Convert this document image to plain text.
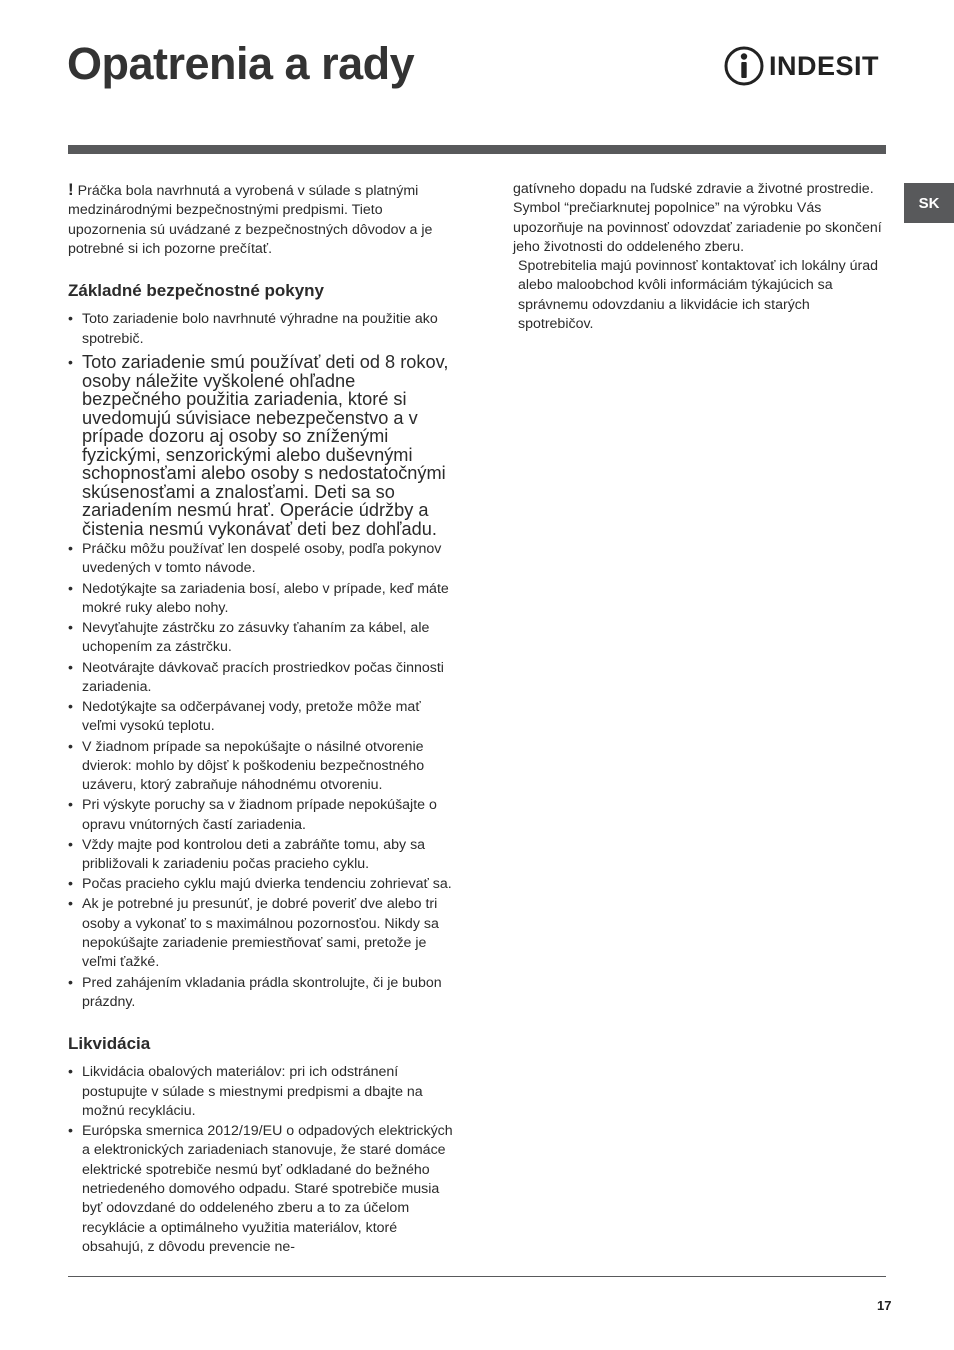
Opatrenia a rady	INDESIT
SK

! Práčka bola navrhnutá a vyrobená v súlade s platnými medzinárodnými bezpečnostnými predpismi. Tieto upozornenia sú uvádzané z bezpečnostných dôvodov a je potrebné si ich pozorne prečítať.

Základné bezpečnostné pokyny
• Toto zariadenie bolo navrhnuté výhradne na použitie ako spotrebič.
• Toto zariadenie smú používať deti od 8 rokov, osoby náležite vyškolené ohľadne bezpečného použitia zariadenia, ktoré si uvedomujú súvisiace nebezpečenstvo a v prípade dozoru aj osoby so zníženými fyzickými, senzorickými alebo duševnými schopnosťami alebo osoby s nedostatočnými skúsenosťami a znalosťami. Deti sa so zariadením nesmú hrať. Operácie údržby a čistenia nesmú vykonávať deti bez dohľadu.
• Práčku môžu používať len dospelé osoby, podľa pokynov uvedených v tomto návode.
• Nedotýkajte sa zariadenia bosí, alebo v prípade, keď máte mokré ruky alebo nohy.
• Nevyťahujte zástrčku zo zásuvky ťahaním za kábel, ale uchopením za zástrčku.
• Neotvárajte dávkovač pracích prostriedkov počas činnosti zariadenia.
• Nedotýkajte sa odčerpávanej vody, pretože môže mať veľmi vysokú teplotu.
• V žiadnom prípade sa nepokúšajte o násilné otvorenie dvierok: mohlo by dôjsť k poškodeniu bezpečnostného uzáveru, ktorý zabraňuje náhodnému otvoreniu.
• Pri výskyte poruchy sa v žiadnom prípade nepokúšajte o opravu vnútorných častí zariadenia.
• Vždy majte pod kontrolou deti a zabráňte tomu, aby sa približovali k zariadeniu počas pracieho cyklu.
• Počas pracieho cyklu majú dvierka tendenciu zohrievať sa.
• Ak je potrebné ju presunúť, je dobré poveriť dve alebo tri osoby a vykonať to s maximálnou pozornosťou. Nikdy sa nepokúšajte zariadenie premiestňovať sami, pretože je veľmi ťažké.
• Pred zahájením vkladania prádla skontrolujte, či je bubon prázdny.
Likvidácia
• Likvidácia obalových materiálov: pri ich odstránení postupujte v súlade s miestnymi predpismi a dbajte na možnú recykláciu.
• Európska smernica 2012/19/EU o odpadových elektrických a elektronických zariadeniach stanovuje, že staré domáce elektrické spotrebiče nesmú byť odkladané do bežného netriedeného domového odpadu. Staré spotrebiče musia byť odovzdané do oddeleného zberu a to za účelom recyklácie a optimálneho využitia materiálov, ktoré obsahujú, z dôvodu prevencie ne-

gatívneho dopadu na ľudské zdravie a životné prostredie. Symbol “prečiarknutej popolnice” na výrobku Vás upozorňuje na povinnosť odovzdať zariadenie po skončení jeho životnosti do oddeleného zberu.

Spotrebitelia majú povinnosť kontaktovať ich lokálny úrad alebo maloobchod kvôli informáciám týkajúcich sa správnemu odovzdaniu a likvidácie ich starých spotrebičov.

17
